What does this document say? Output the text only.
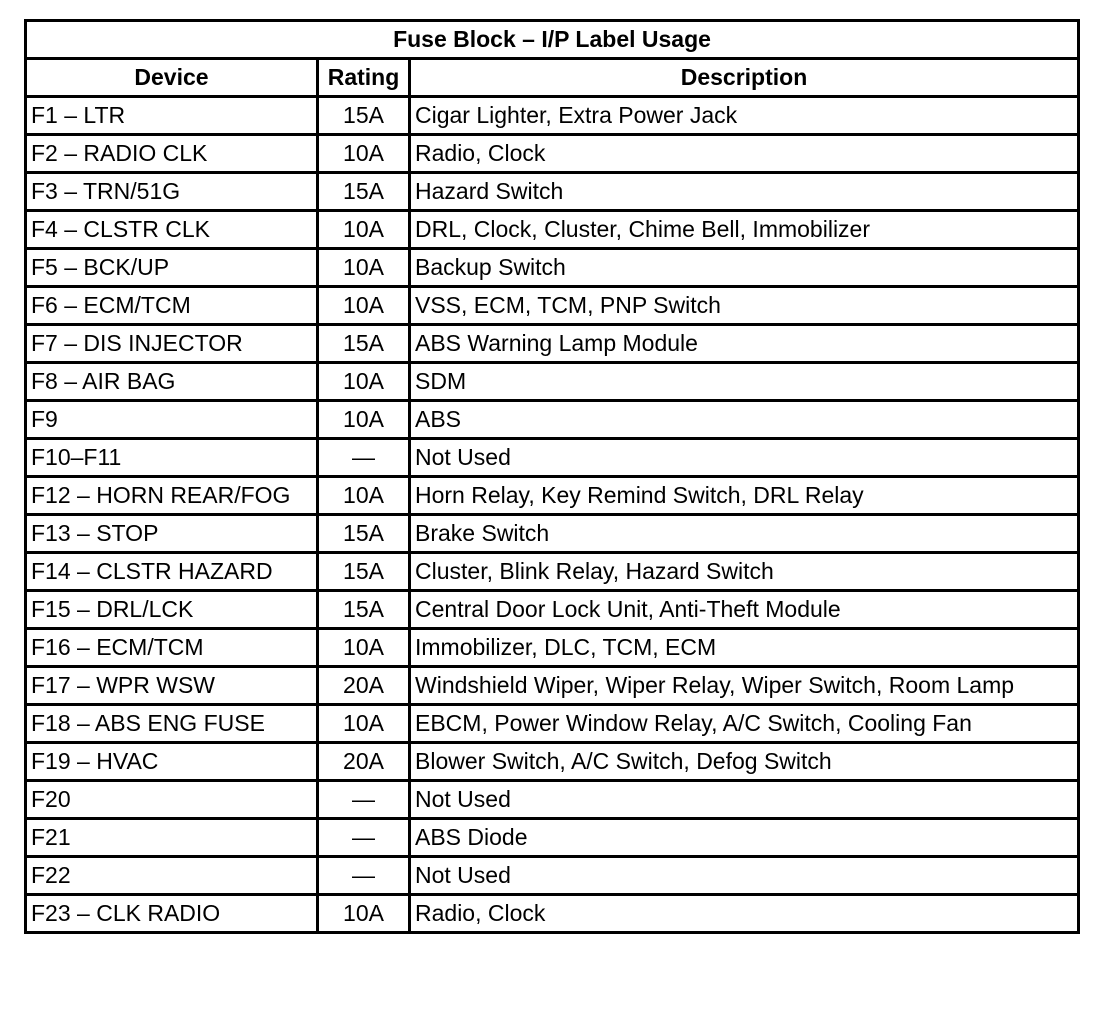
Fuse Block – I/P Label Usage		
Device	Rating	Description
F1 – LTR	15A	Cigar Lighter, Extra Power Jack
F2 – RADIO CLK	10A	Radio, Clock
F3 – TRN/51G	15A	Hazard Switch
F4 – CLSTR CLK	10A	DRL, Clock, Cluster, Chime Bell, Immobilizer
F5 – BCK/UP	10A	Backup Switch
F6 – ECM/TCM	10A	VSS, ECM, TCM, PNP Switch
F7 – DIS INJECTOR	15A	ABS Warning Lamp Module
F8 – AIR BAG	10A	SDM
F9	10A	ABS
F10–F11	—	Not Used
F12 – HORN REAR/FOG	10A	Horn Relay, Key Remind Switch, DRL Relay
F13 – STOP	15A	Brake Switch
F14 – CLSTR HAZARD	15A	Cluster, Blink Relay, Hazard Switch
F15 – DRL/LCK	15A	Central Door Lock Unit, Anti-Theft Module
F16 – ECM/TCM	10A	Immobilizer, DLC, TCM, ECM
F17 – WPR WSW	20A	Windshield Wiper, Wiper Relay, Wiper Switch, Room Lamp
F18 – ABS ENG FUSE	10A	EBCM, Power Window Relay, A/C Switch, Cooling Fan
F19 – HVAC	20A	Blower Switch, A/C Switch, Defog Switch
F20	—	Not Used
F21	—	ABS Diode
F22	—	Not Used
F23 – CLK RADIO	10A	Radio, Clock
